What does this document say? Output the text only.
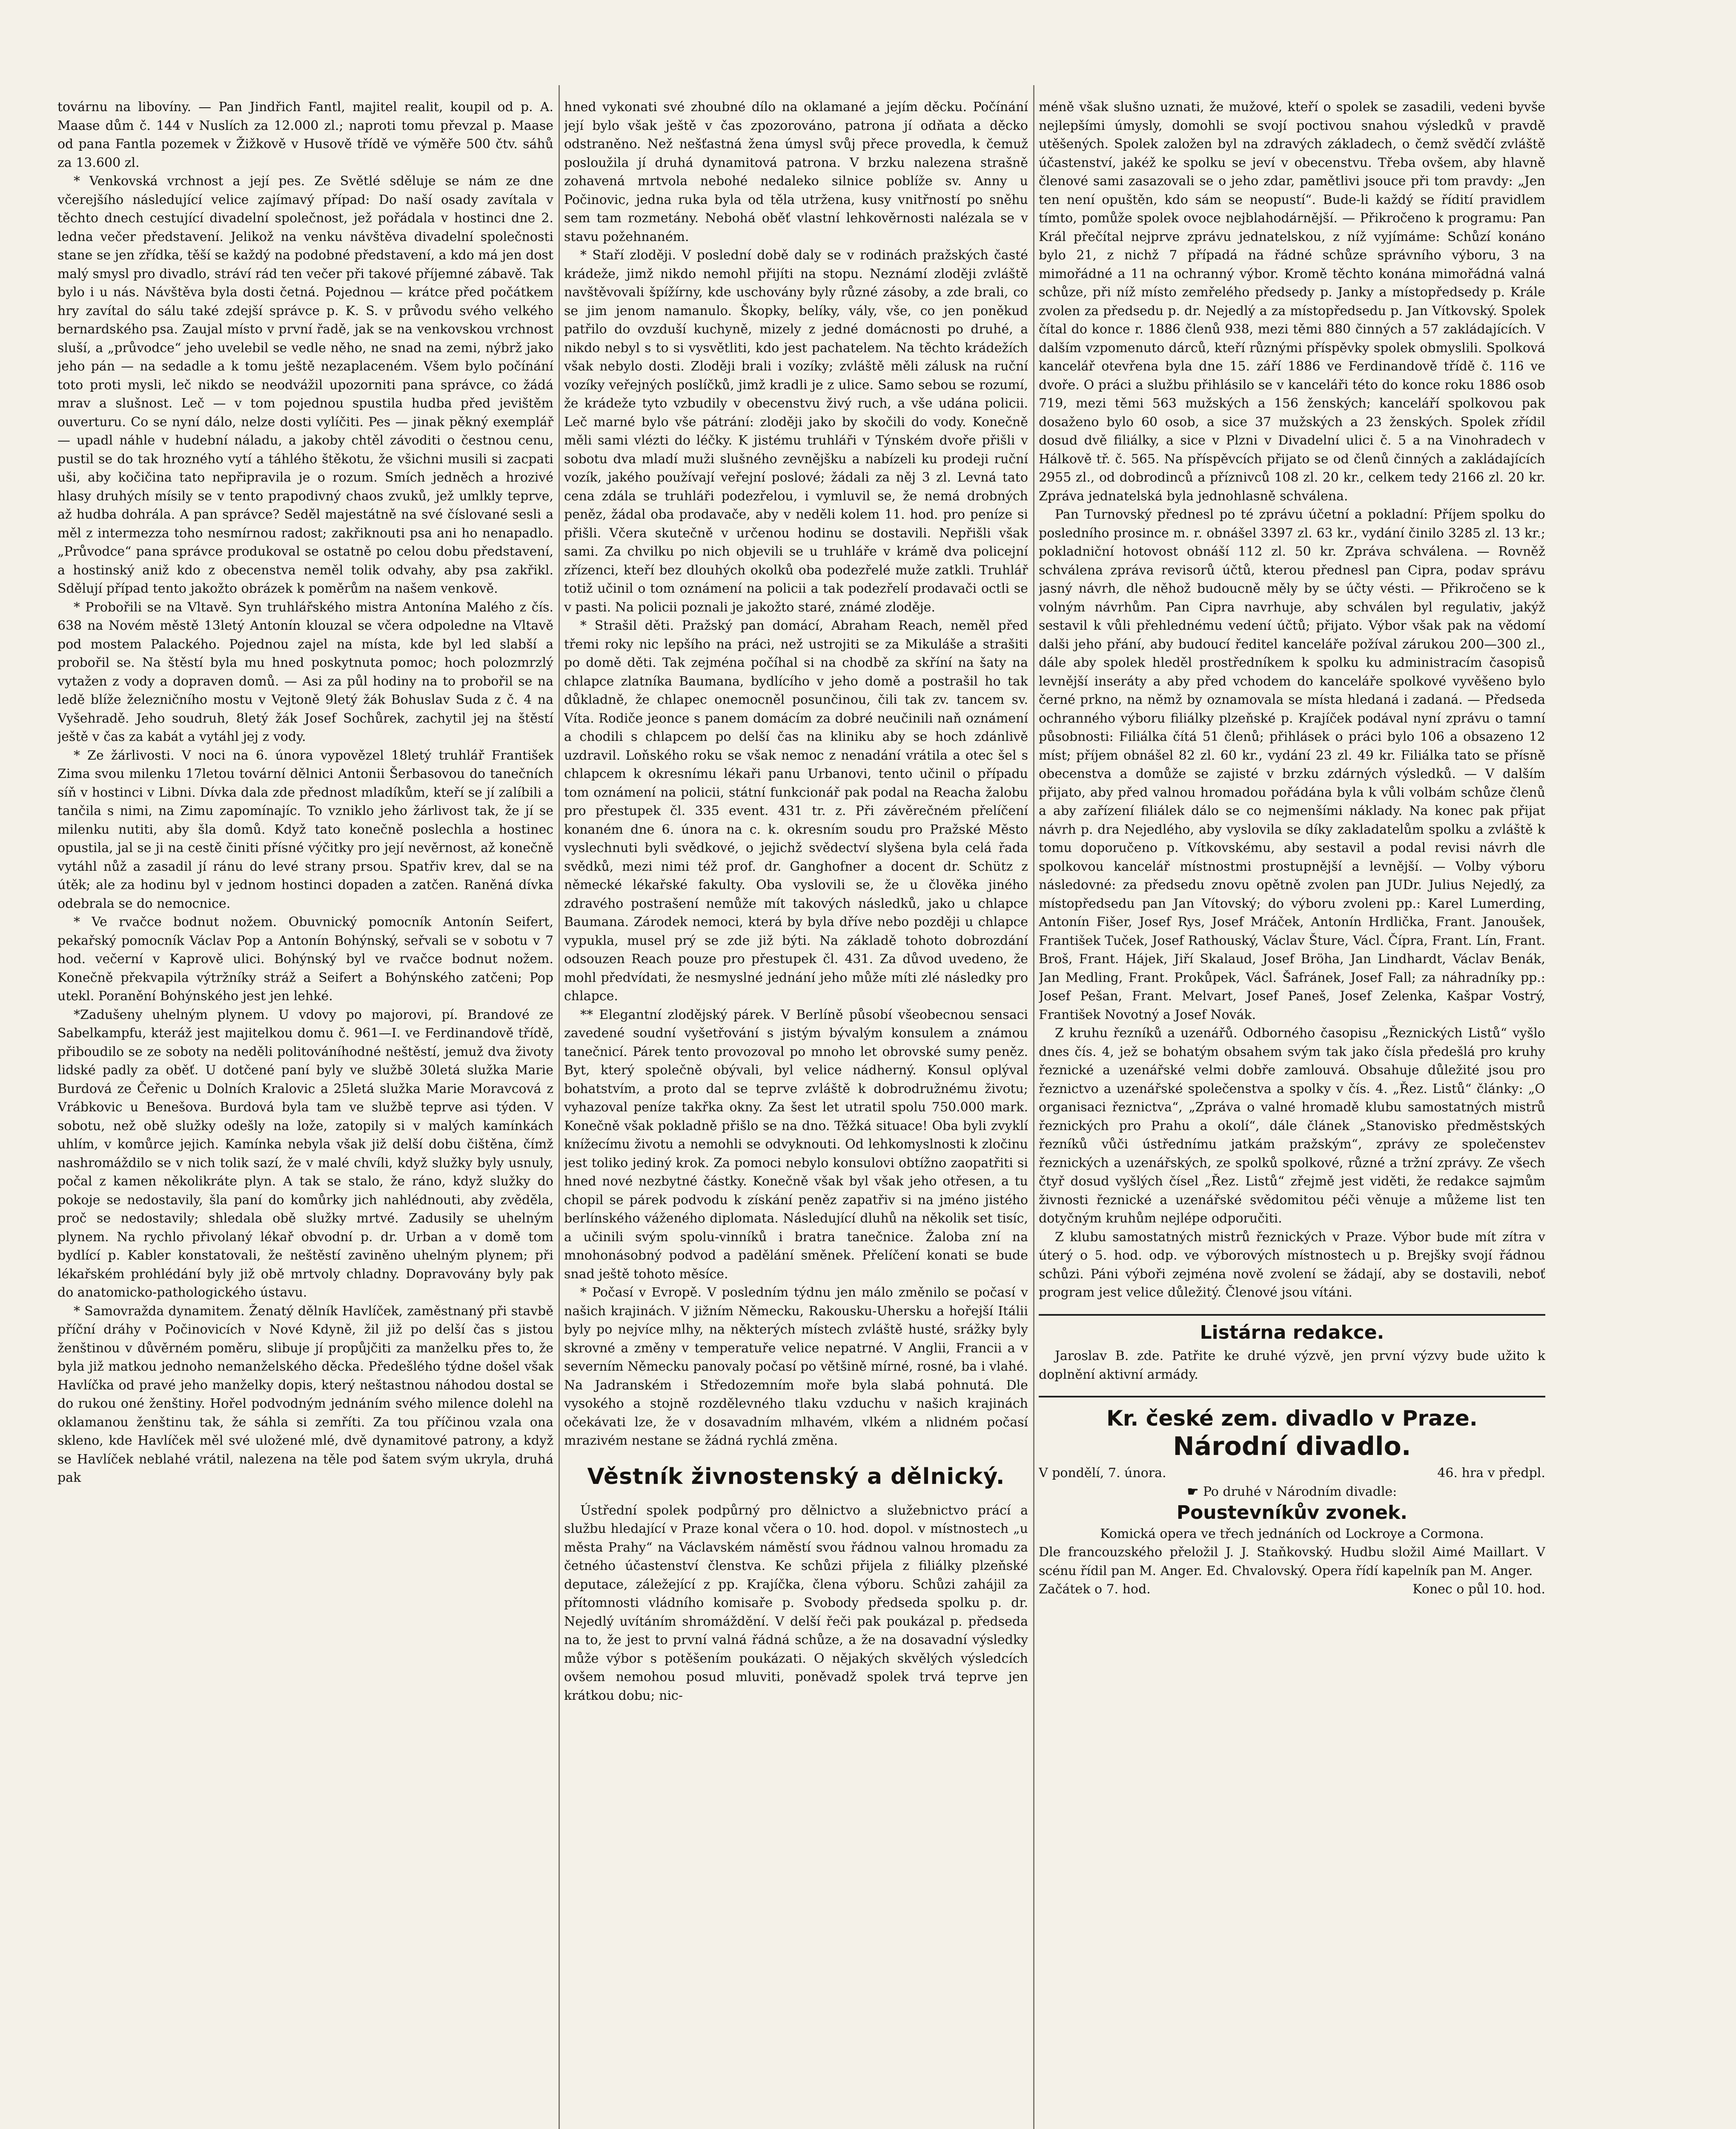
továrnu na libovíny. — Pan Jindřich Fantl, majitel realit, koupil od p. A. Maase dům č. 144 v Nuslích za 12.000 zl.; naproti tomu převzal p. Maase od pana Fantla pozemek v Žižkově v Husově třídě ve výměře 500 čtv. sáhů za 13.600 zl.

* Venkovská vrchnost a její pes. Ze Světlé sděluje se nám ze dne včerejšího následující velice zajímavý případ: Do naší osady zavítala v těchto dnech cestující divadelní společnost, jež pořádala v hostinci dne 2. ledna večer představení. Jelikož na venku návštěva divadelní společnosti stane se jen zřídka, těší se každý na podobné představení, a kdo má jen dost malý smysl pro divadlo, stráví rád ten večer při takové příjemné zábavě. Tak bylo i u nás. Návštěva byla dosti četná. Pojednou — krátce před počátkem hry zavítal do sálu také zdejší správce p. K. S. v průvodu svého velkého bernardského psa. Zaujal místo v první řadě, jak se na venkovskou vrchnost sluší, a „průvodce“ jeho uvelebil se vedle něho, ne snad na zemi, nýbrž jako jeho pán — na sedadle a k tomu ještě nezaplaceném. Všem bylo počínání toto proti mysli, leč nikdo se neodvážil upozorniti pana správce, co žádá mrav a slušnost. Leč — v tom pojednou spustila hudba před jevištěm ouverturu. Co se nyní dálo, nelze dosti vylíčiti. Pes — jinak pěkný exemplář — upadl náhle v hudební náladu, a jakoby chtěl závoditi o čestnou cenu, pustil se do tak hrozného vytí a táhlého štěkotu, že všichni musili si zacpati uši, aby kočičina tato nepřipravila je o rozum. Smích jedněch a hrozivé hlasy druhých mísily se v tento prapodivný chaos zvuků, jež umlkly teprve, až hudba dohrála. A pan správce? Seděl majestátně na své číslované sesli a měl z intermezza toho nesmírnou radost; zakřiknouti psa ani ho nenapadlo. „Průvodce“ pana správce produkoval se ostatně po celou dobu představení, a hostinský aniž kdo z obecenstva neměl tolik odvahy, aby psa zakřikl. Sdělují případ tento jakožto obrázek k poměrům na našem venkově.

* Probořili se na Vltavě. Syn truhlářského mistra Antonína Malého z čís. 638 na Novém městě 13letý Antonín klouzal se včera odpoledne na Vltavě pod mostem Palackého. Pojednou zajel na místa, kde byl led slabší a probořil se. Na štěstí byla mu hned poskytnuta pomoc; hoch polozmrzlý vytažen z vody a dopraven domů. — Asi za půl hodiny na to probořil se na ledě blíže železničního mostu v Vejtoně 9letý žák Bohuslav Suda z č. 4 na Vyšehradě. Jeho soudruh, 8letý žák Josef Sochůrek, zachytil jej na štěstí ještě v čas za kabát a vytáhl jej z vody.

* Ze žárlivosti. V noci na 6. února vypovězel 18letý truhlář František Zima svou milenku 17letou tovární dělnici Antonii Šerbasovou do tanečních síň v hostinci v Libni. Dívka dala zde přednost mladíkům, kteří se jí zalíbili a tančila s nimi, na Zimu zapomínajíc. To vzniklo jeho žárlivost tak, že jí se milenku nutiti, aby šla domů. Když tato konečně poslechla a hostinec opustila, jal se ji na cestě činiti přísné výčitky pro její nevěrnost, až konečně vytáhl nůž a zasadil jí ránu do levé strany prsou. Spatřiv krev, dal se na útěk; ale za hodinu byl v jednom hostinci dopaden a zatčen. Raněná dívka odebrala se do nemocnice.

* Ve rvačce bodnut nožem. Obuvnický pomocník Antonín Seifert, pekařský pomocník Václav Pop a Antonín Bohýnský, seřvali se v sobotu v 7 hod. večerní v Kaprově ulici. Bohýnský byl ve rvačce bodnut nožem. Konečně překvapila výtržníky stráž a Seifert a Bohýnského zatčeni; Pop utekl. Poranění Bohýnského jest jen lehké.

*Zadušeny uhelným plynem. U vdovy po majorovi, pí. Brandové ze Sabelkampfu, kteráž jest majitelkou domu č. 961—I. ve Ferdinandově třídě, přiboudilo se ze soboty na neděli politováníhodné neštěstí, jemuž dva životy lidské padly za oběť. U dotčené paní byly ve službě 30letá služka Marie Burdová ze Čeřenic u Dolních Kralovic a 25letá služka Marie Moravcová z Vrábkovic u Benešova. Burdová byla tam ve službě teprve asi týden. V sobotu, než obě služky odešly na lože, zatopily si v malých kamínkách uhlím, v komůrce jejich. Kamínka nebyla však již delší dobu čištěna, čímž nashromáždilo se v nich tolik sazí, že v malé chvíli, když služky byly usnuly, počal z kamen několikráte plyn. A tak se stalo, že ráno, když služky do pokoje se nedostavily, šla paní do komůrky jich nahlédnouti, aby zvěděla, proč se nedostavily; shledala obě služky mrtvé. Zadusily se uhelným plynem. Na rychlo přivolaný lékař obvodní p. dr. Urban a v domě tom bydlící p. Kabler konstatovali, že neštěstí zaviněno uhelným plynem; při lékařském prohlédání byly již obě mrtvoly chladny. Dopravovány byly pak do anatomicko-pathologického ústavu.

* Samovražda dynamitem. Ženatý dělník Havlíček, zaměstnaný při stavbě příční dráhy v Počinovicích v Nové Kdyně, žil již po delší čas s jistou ženštinou v důvěrném poměru, slibuje jí propůjčiti za manželku přes to, že byla již matkou jednoho nemanželského děcka. Předešlého týdne došel však Havlíčka od pravé jeho manželky dopis, který neštastnou náhodou dostal se do rukou oné ženštiny. Hořel podvodným jednáním svého milence dolehl na oklamanou ženštinu tak, že sáhla si zemříti. Za tou příčinou vzala ona skleno, kde Havlíček měl své uložené mlé, dvě dynamitové patrony, a když se Havlíček neblahé vrátil, nalezena na těle pod šatem svým ukryla, druhá pak

hned vykonati své zhoubné dílo na oklamané a jejím děcku. Počínání její bylo však ještě v čas zpozorováno, patrona jí odňata a děcko odstraněno. Než nešťastná žena úmysl svůj přece provedla, k čemuž posloužila jí druhá dynamitová patrona. V brzku nalezena strašně zohavená mrtvola nebohé nedaleko silnice poblíže sv. Anny u Počinovic, jedna ruka byla od těla utržena, kusy vnitřností po sněhu sem tam rozmetány. Nebohá oběť vlastní lehkověrnosti nalézala se v stavu požehnaném.

* Staří zloději. V poslední době daly se v rodinách pražských časté krádeže, jimž nikdo nemohl přijíti na stopu. Neznámí zloději zvláště navštěvovali špížírny, kde uschovány byly různé zásoby, a zde brali, co se jim jenom namanulo. Škopky, belíky, vály, vše, co jen poněkud patřilo do ovzduší kuchyně, mizely z jedné domácnosti po druhé, a nikdo nebyl s to si vysvětliti, kdo jest pachatelem. Na těchto krádežích však nebylo dosti. Zloději brali i vozíky; zvláště měli zálusk na ruční vozíky veřejných poslíčků, jimž kradli je z ulice. Samo sebou se rozumí, že krádeže tyto vzbudily v obecenstvu živý ruch, a vše udána policii. Leč marné bylo vše pátrání: zloději jako by skočili do vody. Konečně měli sami vlézti do léčky. K jistému truhláři v Týnském dvoře přišli v sobotu dva mladí muži slušného zevnějšku a nabízeli ku prodeji ruční vozík, jakého používají veřejní poslové; žádali za něj 3 zl. Levná tato cena zdála se truhláři podezřelou, i vymluvil se, že nemá drobných peněz, žádal oba prodavače, aby v neděli kolem 11. hod. pro peníze si přišli. Včera skutečně v určenou hodinu se dostavili. Nepřišli však sami. Za chvilku po nich objevili se u truhláře v krámě dva policejní zřízenci, kteří bez dlouhých okolků oba podezřelé muže zatkli. Truhlář totiž učinil o tom oznámení na policii a tak podezřelí prodavači octli se v pasti. Na policii poznali je jakožto staré, známé zloděje.

* Strašil děti. Pražský pan domácí, Abraham Reach, neměl před třemi roky nic lepšího na práci, než ustrojiti se za Mikuláše a strašiti po domě děti. Tak zejména počíhal si na chodbě za skříní na šaty na chlapce zlatníka Baumana, bydlícího v jeho domě a postrašil ho tak důkladně, že chlapec onemocněl posunčinou, čili tak zv. tancem sv. Víta. Rodiče jeonce s panem domácím za dobré neučinili naň oznámení a chodili s chlapcem po delší čas na kliniku aby se hoch zdánlivě uzdravil. Loňského roku se však nemoc z nenadání vrátila a otec šel s chlapcem k okresnímu lékaři panu Urbanovi, tento učinil o případu tom oznámení na policii, státní funkcionář pak podal na Reacha žalobu pro přestupek čl. 335 event. 431 tr. z. Při závěrečném přelíčení konaném dne 6. února na c. k. okresním soudu pro Pražské Město vyslechnuti byli svědkové, o jejichž svědectví slyšena byla celá řada svědků, mezi nimi též prof. dr. Ganghofner a docent dr. Schütz z německé lékařské fakulty. Oba vyslovili se, že u člověka jiného zdravého postrašení nemůže mít takových následků, jako u chlapce Baumana. Zárodek nemoci, která by byla dříve nebo později u chlapce vypukla, musel prý se zde již býti. Na základě tohoto dobrozdání odsouzen Reach pouze pro přestupek čl. 431. Za důvod uvedeno, že mohl předvídati, že nesmyslné jednání jeho může míti zlé následky pro chlapce.

** Elegantní zlodějský párek. V Berlíně působí všeobecnou sensaci zavedené soudní vyšetřování s jistým bývalým konsulem a známou tanečnicí. Párek tento provozoval po mnoho let obrovské sumy peněz. Byt, který společně obývali, byl velice nádherný. Konsul oplýval bohatstvím, a proto dal se teprve zvláště k dobrodružnému životu; vyhazoval peníze takřka okny. Za šest let utratil spolu 750.000 mark. Konečně však pokladně přišlo se na dno. Těžká situace! Oba byli zvyklí knížecímu životu a nemohli se odvyknouti. Od lehkomyslnosti k zločinu jest toliko jediný krok. Za pomoci nebylo konsulovi obtížno zaopatřiti si hned nové nezbytné částky. Konečně však byl však jeho otřesen, a tu chopil se párek podvodu k získání peněz zapatřiv si na jméno jistého berlínského váženého diplomata. Následující dluhů na několik set tisíc, a učinili svým spolu-vinníků i bratra tanečnice. Žaloba zní na mnohonásobný podvod a padělání směnek. Přelíčení konati se bude snad ještě tohoto měsíce.

* Počasí v Evropě. V posledním týdnu jen málo změnilo se počasí v našich krajinách. V jižním Německu, Rakousku-Uhersku a hořejší Itálii byly po nejvíce mlhy, na některých místech zvláště husté, srážky byly skrovné a změny v temperatuře velice nepatrné. V Anglii, Francii a v severním Německu panovaly počasí po většině mírné, rosné, ba i vlahé. Na Jadranském i Středozemním moře byla slabá pohnutá. Dle vysokého a stojně rozdělevného tlaku vzduchu v našich krajinách očekávati lze, že v dosavadním mlhavém, vlkém a nlidném počasí mrazivém nestane se žádná rychlá změna.

Věstník živnostenský a dělnický.

Ústřední spolek podpůrný pro dělnictvo a služebnictvo prácí a službu hledající v Praze konal včera o 10. hod. dopol. v místnostech „u města Prahy“ na Václavském náměstí svou řádnou valnou hromadu za četného účastenství členstva. Ke schůzi přijela z filiálky plzeňské deputace, záležející z pp. Krajíčka, člena výboru. Schůzi zahájil za přítomnosti vládního komisaře p. Svobody předseda spolku p. dr. Nejedlý uvítáním shromáždění. V delší řeči pak poukázal p. předseda na to, že jest to první valná řádná schůze, a že na dosavadní výsledky může výbor s potěšením poukázati. O nějakých skvělých výsledcích ovšem nemohou posud mluviti, poněvadž spolek trvá teprve jen krátkou dobu; nic-

méně však slušno uznati, že mužové, kteří o spolek se zasadili, vedeni byvše nejlepšími úmysly, domohli se svojí poctivou snahou výsledků v pravdě utěšených. Spolek založen byl na zdravých základech, o čemž svědčí zvláště účastenství, jakéž ke spolku se jeví v obecenstvu. Třeba ovšem, aby hlavně členové sami zasazovali se o jeho zdar, pamětlivi jsouce při tom pravdy: „Jen ten není opuštěn, kdo sám se neopustí“. Bude-li každý se řídití pravidlem tímto, pomůže spolek ovoce nejblahodárnější. — Přikročeno k programu: Pan Král přečítal nejprve zprávu jednatelskou, z níž vyjímáme: Schůzí konáno bylo 21, z nichž 7 případá na řádné schůze správního výboru, 3 na mimořádné a 11 na ochranný výbor. Kromě těchto konána mimořádná valná schůze, při níž místo zemřelého předsedy p. Janky a místopředsedy p. Krále zvolen za předsedu p. dr. Nejedlý a za místopředsedu p. Jan Vítkovský. Spolek čítal do konce r. 1886 členů 938, mezi těmi 880 činných a 57 zakládajících. V dalším vzpomenuto dárců, kteří různými příspěvky spolek obmyslili. Spolková kancelář otevřena byla dne 15. září 1886 ve Ferdinandově třídě č. 116 ve dvoře. O práci a službu přihlásilo se v kanceláři této do konce roku 1886 osob 719, mezi těmi 563 mužských a 156 ženských; kanceláří spolkovou pak dosaženo bylo 60 osob, a sice 37 mužských a 23 ženských. Spolek zřídil dosud dvě filiálky, a sice v Plzni v Divadelní ulici č. 5 a na Vinohradech v Hálkově tř. č. 565. Na příspěvcích přijato se od členů činných a zakládajících 2955 zl., od dobrodinců a příznivců 108 zl. 20 kr., celkem tedy 2166 zl. 20 kr. Zpráva jednatelská byla jednohlasně schválena.

Pan Turnovský přednesl po té zprávu účetní a pokladní: Příjem spolku do posledního prosince m. r. obnášel 3397 zl. 63 kr., vydání činilo 3285 zl. 13 kr.; pokladniční hotovost obnáší 112 zl. 50 kr. Zpráva schválena. — Rovněž schválena zpráva revisorů účtů, kterou přednesl pan Cipra, podav správu jasný návrh, dle něhož budoucně měly by se účty vésti. — Přikročeno se k volným návrhům. Pan Cipra navrhuje, aby schválen byl regulativ, jakýž sestavil k vůli přehlednému vedení účtů; přijato. Výbor však pak na vědomí dalši jeho přání, aby budoucí ředitel kanceláře požíval zárukou 200—300 zl., dále aby spolek hleděl prostředníkem k spolku ku administracím časopisů levnější inseráty a aby před vchodem do kanceláře spolkové vyvěšeno bylo černé prkno, na němž by oznamovala se místa hledaná i zadaná. — Předseda ochranného výboru filiálky plzeňské p. Krajíček podával nyní zprávu o tamní působnosti: Filiálka čítá 51 členů; přihlásek o práci bylo 106 a obsazeno 12 míst; příjem obnášel 82 zl. 60 kr., vydání 23 zl. 49 kr. Filiálka tato se přísně obecenstva a domůže se zajisté v brzku zdárných výsledků. — V dalším přijato, aby před valnou hromadou pořádána byla k vůli volbám schůze členů a aby zařízení filiálek dálo se co nejmenšími náklady. Na konec pak přijat návrh p. dra Nejedlého, aby vyslovila se díky zakladatelům spolku a zvláště k tomu doporučeno p. Vítkovskému, aby sestavil a podal revisi návrh dle spolkovou kancelář místnostmi prostupnější a levnější. — Volby výboru následovné: za předsedu znovu opětně zvolen pan JUDr. Julius Nejedlý, za místopředsedu pan Jan Vítovský; do výboru zvoleni pp.: Karel Lumerding, Antonín Fišer, Josef Rys, Josef Mráček, Antonín Hrdlička, Frant. Janoušek, František Tuček, Josef Rathouský, Václav Šture, Václ. Čípra, Frant. Lín, Frant. Broš, Frant. Hájek, Jiří Skalaud, Josef Bröha, Jan Lindhardt, Václav Benák, Jan Medling, Frant. Prokůpek, Václ. Šafránek, Josef Fall; za náhradníky pp.: Josef Pešan, Frant. Melvart, Josef Paneš, Josef Zelenka, Kašpar Vostrý, František Novotný a Josef Novák.

Z kruhu řezníků a uzenářů. Odborného časopisu „Řeznických Listů“ vyšlo dnes čís. 4, jež se bohatým obsahem svým tak jako čísla předešlá pro kruhy řeznické a uzenářské velmi dobře zamlouvá. Obsahuje důležité jsou pro řeznictvo a uzenářské společenstva a spolky v čís. 4. „Řez. Listů“ články: „O organisaci řeznictva“, „Zpráva o valné hromadě klubu samostatných mistrů řeznických pro Prahu a okolí“, dále článek „Stanovisko předměstských řezníků vůči ústřednímu jatkám pražským“, zprávy ze společenstev řeznických a uzenářských, ze spolků spolkové, různé a tržní zprávy. Ze všech čtyř dosud vyšlých čísel „Řez. Listů“ zřejmě jest viděti, že redakce sajmům živnosti řeznické a uzenářské svědomitou péči věnuje a můžeme list ten dotyčným kruhům nejlépe odporučiti.

Z klubu samostatných mistrů řeznických v Praze. Výbor bude mít zítra v úterý o 5. hod. odp. ve výborových místnostech u p. Brejšky svojí řádnou schůzi. Páni výboři zejména nově zvolení se žádají, aby se dostavili, neboť program jest velice důležitý. Členové jsou vítáni.

Listárna redakce.

Jaroslav B. zde. Patřite ke druhé výzvě, jen první výzvy bude užito k doplnění aktivní armády.

Kr. české zem. divadlo v Praze.
Národní divadlo.
V pondělí, 7. února.	46. hra v předpl.
☛ Po druhé v Národním divadle:
Poustevníkův zvonek.

Komická opera ve třech jednáních od Lockroye a Cormona.

Dle francouzského přeložil J. J. Staňkovský. Hudbu složil Aimé Maillart. V scénu řídil pan M. Anger. Ed. Chvalovský. Opera řídí kapelník pan M. Anger.

Začátek o 7. hod.	Konec o půl 10. hod.
